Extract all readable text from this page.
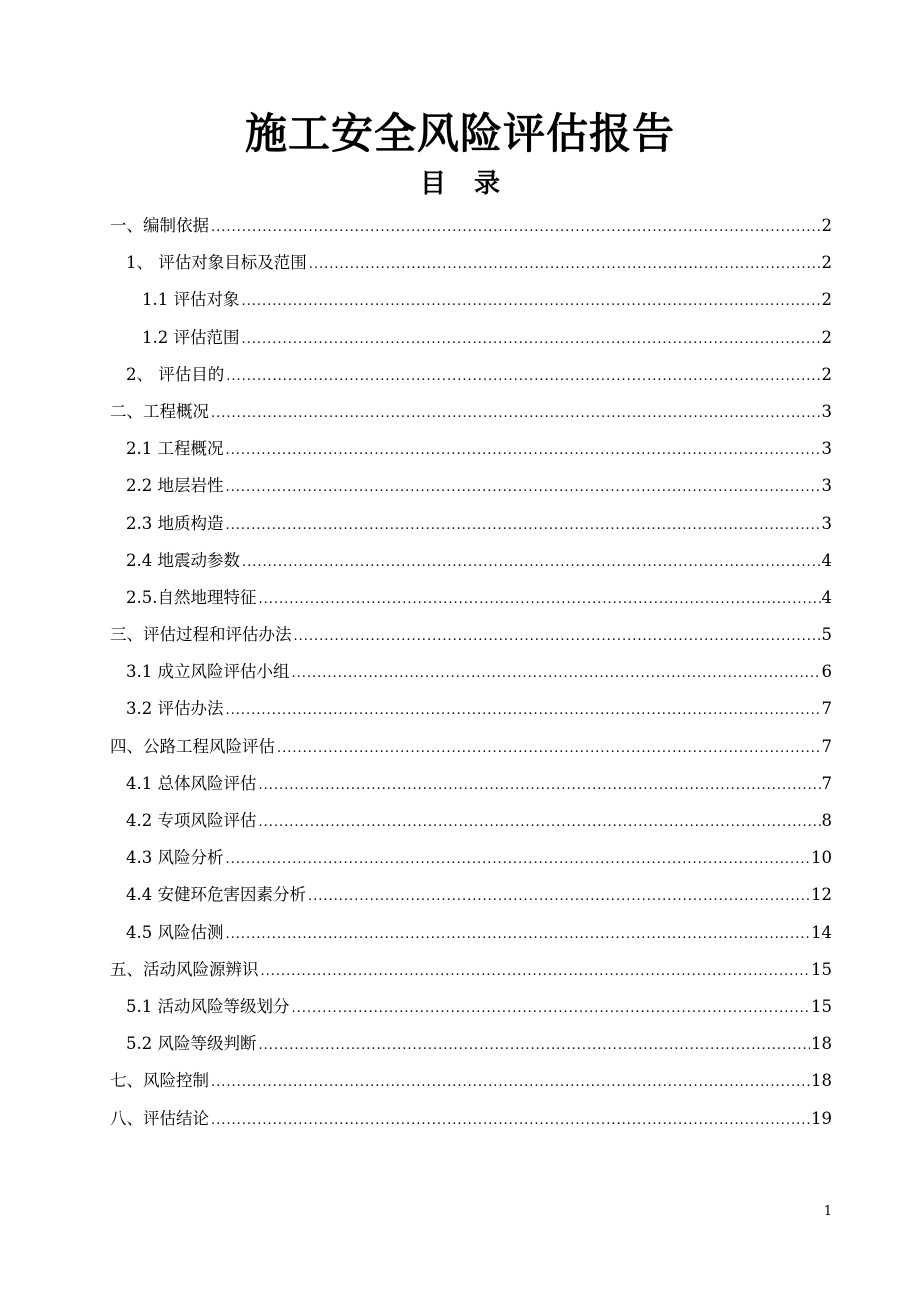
施工安全风险评估报告
目 录
一、编制依据 .....	2
1、 评估对象目标及范围 .....	2
1.1 评估对象 .....	2
1.2 评估范围 .....	2
2、 评估目的 .....	2
二、工程概况 .....	3
2.1 工程概况 .....	3
2.2 地层岩性 .....	3
2.3 地质构造 .....	3
2.4 地震动参数 .....	4
2.5.自然地理特征 .....	4
三、评估过程和评估办法 .....	5
3.1 成立风险评估小组 .....	6
3.2 评估办法 .....	7
四、公路工程风险评估 .....	7
4.1 总体风险评估 .....	7
4.2 专项风险评估 .....	8
4.3 风险分析 .....	10
4.4 安健环危害因素分析 .....	12
4.5 风险估测 .....	14
五、活动风险源辨识 .....	15
5.1 活动风险等级划分 .....	15
5.2 风险等级判断 .....	18
七、风险控制 .....	18
八、评估结论 .....	19
1
